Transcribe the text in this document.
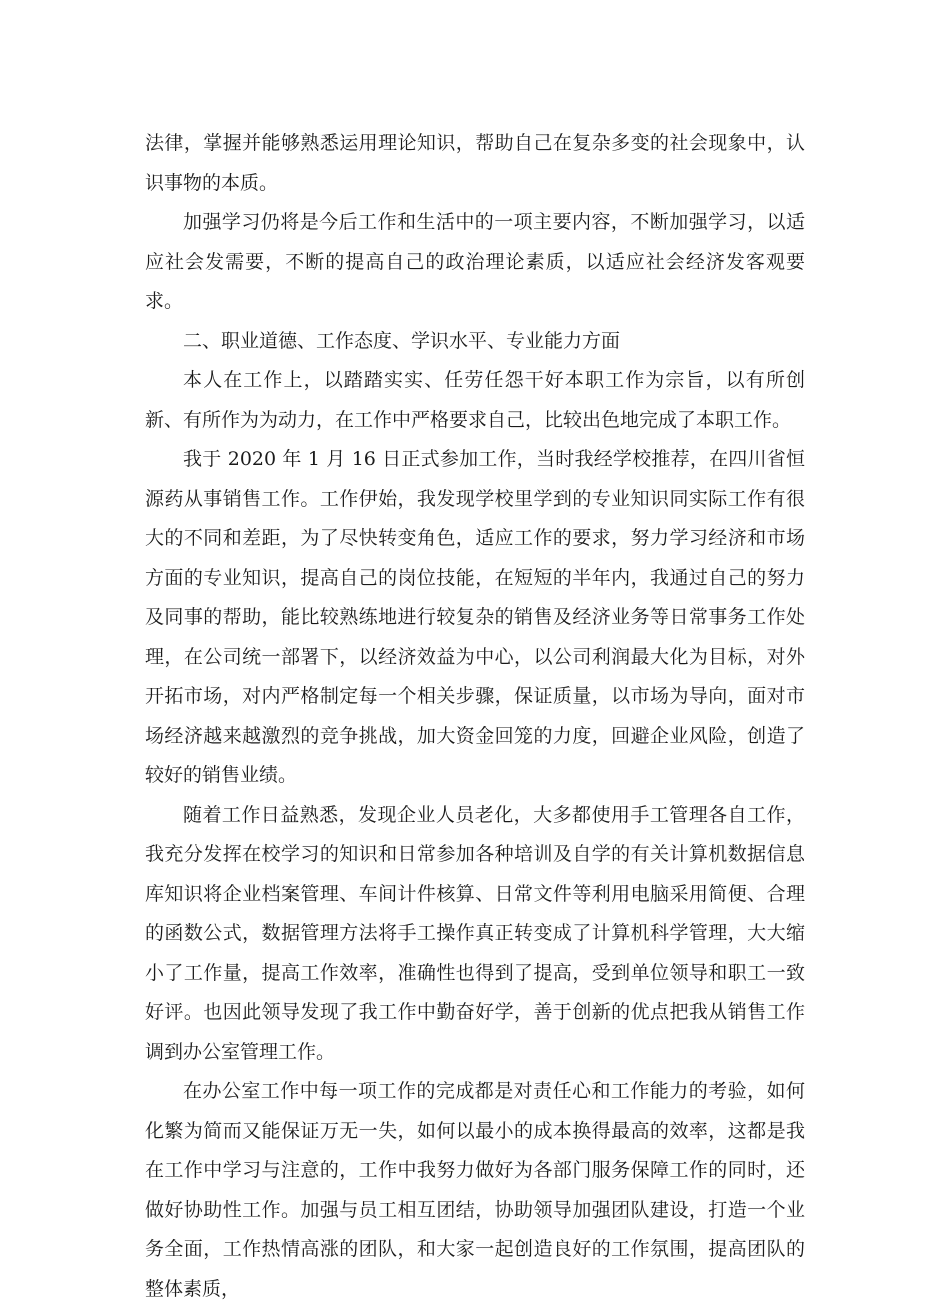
法律，掌握并能够熟悉运用理论知识，帮助自己在复杂多变的社会现象中，认识事物的本质。

加强学习仍将是今后工作和生活中的一项主要内容，不断加强学习，以适应社会发需要，不断的提高自己的政治理论素质，以适应社会经济发客观要求。

二、职业道德、工作态度、学识水平、专业能力方面

本人在工作上，以踏踏实实、任劳任怨干好本职工作为宗旨，以有所创新、有所作为为动力，在工作中严格要求自己，比较出色地完成了本职工作。

我于 2020 年 1 月 16 日正式参加工作，当时我经学校推荐，在四川省恒源药从事销售工作。工作伊始，我发现学校里学到的专业知识同实际工作有很大的不同和差距，为了尽快转变角色，适应工作的要求，努力学习经济和市场方面的专业知识，提高自己的岗位技能，在短短的半年内，我通过自己的努力及同事的帮助，能比较熟练地进行较复杂的销售及经济业务等日常事务工作处理，在公司统一部署下，以经济效益为中心，以公司利润最大化为目标，对外开拓市场，对内严格制定每一个相关步骤，保证质量，以市场为导向，面对市场经济越来越激烈的竞争挑战，加大资金回笼的力度，回避企业风险，创造了较好的销售业绩。

随着工作日益熟悉，发现企业人员老化，大多都使用手工管理各自工作，我充分发挥在校学习的知识和日常参加各种培训及自学的有关计算机数据信息库知识将企业档案管理、车间计件核算、日常文件等利用电脑采用简便、合理的函数公式，数据管理方法将手工操作真正转变成了计算机科学管理，大大缩小了工作量，提高工作效率，准确性也得到了提高，受到单位领导和职工一致好评。也因此领导发现了我工作中勤奋好学，善于创新的优点把我从销售工作调到办公室管理工作。

在办公室工作中每一项工作的完成都是对责任心和工作能力的考验，如何化繁为简而又能保证万无一失，如何以最小的成本换得最高的效率，这都是我在工作中学习与注意的，工作中我努力做好为各部门服务保障工作的同时，还做好协助性工作。加强与员工相互团结，协助领导加强团队建设，打造一个业务全面，工作热情高涨的团队，和大家一起创造良好的工作氛围，提高团队的整体素质，
